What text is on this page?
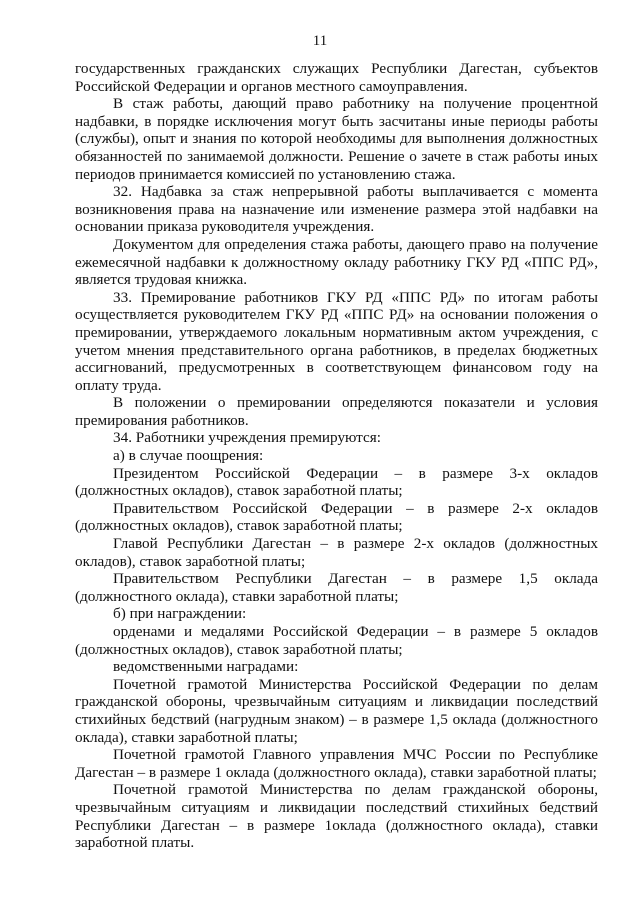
11

государственных гражданских служащих Республики Дагестан, субъектов Российской Федерации и органов местного самоуправления.

В стаж работы, дающий право работнику на получение процентной надбавки, в порядке исключения могут быть засчитаны иные периоды работы (службы), опыт и знания по которой необходимы для выполнения должностных обязанностей по занимаемой должности. Решение о зачете в стаж работы иных периодов принимается комиссией по установлению стажа.

32. Надбавка за стаж непрерывной работы выплачивается с момента возникновения права на назначение или изменение размера этой надбавки на основании приказа руководителя учреждения.

Документом для определения стажа работы, дающего право на получение ежемесячной надбавки к должностному окладу работнику ГКУ РД «ППС РД», является трудовая книжка.

33. Премирование работников ГКУ РД «ППС РД» по итогам работы осуществляется руководителем ГКУ РД «ППС РД» на основании положения о премировании, утверждаемого локальным нормативным актом учреждения, с учетом мнения представительного органа работников, в пределах бюджетных ассигнований, предусмотренных в соответствующем финансовом году на оплату труда.

В положении о премировании определяются показатели и условия премирования работников.

34. Работники учреждения премируются:

а) в случае поощрения:

Президентом Российской Федерации – в размере 3-х окладов (должностных окладов), ставок заработной платы;

Правительством Российской Федерации – в размере 2-х окладов (должностных окладов), ставок заработной платы;

Главой Республики Дагестан – в размере 2-х окладов (должностных окладов), ставок заработной платы;

Правительством Республики Дагестан – в размере 1,5 оклада (должностного оклада), ставки заработной платы;

б) при награждении:

орденами и медалями Российской Федерации – в размере 5 окладов (должностных окладов), ставок заработной платы;

ведомственными наградами:

Почетной грамотой Министерства Российской Федерации по делам гражданской обороны, чрезвычайным ситуациям и ликвидации последствий стихийных бедствий (нагрудным знаком) – в размере 1,5 оклада (должностного оклада), ставки заработной платы;

Почетной грамотой Главного управления МЧС России по Республике Дагестан – в размере 1 оклада (должностного оклада), ставки заработной платы;

Почетной грамотой Министерства по делам гражданской обороны, чрезвычайным ситуациям и ликвидации последствий стихийных бедствий Республики Дагестан – в размере 1оклада (должностного оклада), ставки заработной платы.
